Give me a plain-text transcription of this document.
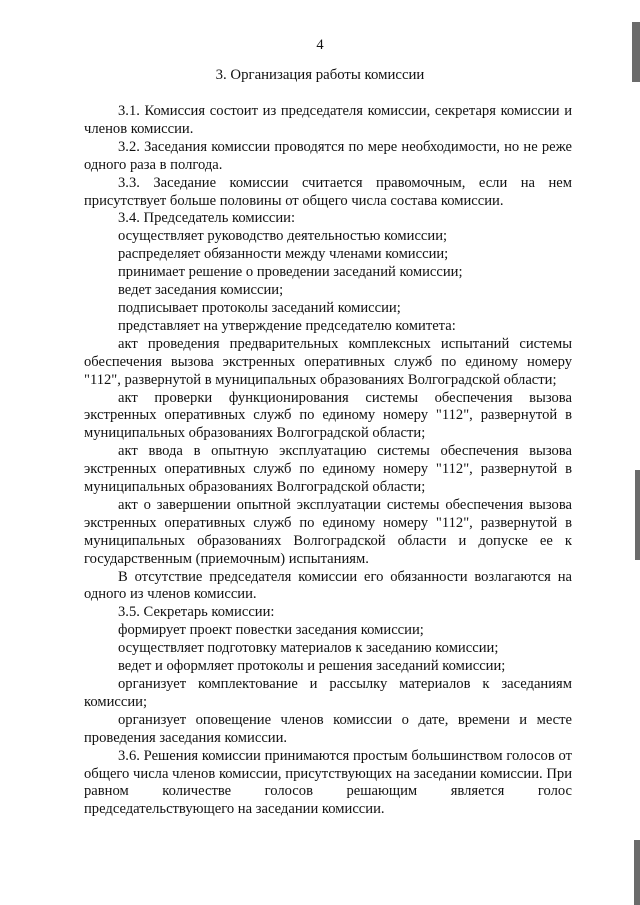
4
3. Организация работы комиссии

3.1. Комиссия состоит из председателя комиссии, секретаря комиссии и членов комиссии.

3.2. Заседания комиссии проводятся по мере необходимости, но не реже одного раза в полгода.

3.3. Заседание комиссии считается правомочным, если на нем присутствует больше половины от общего числа состава комиссии.

3.4. Председатель комиссии:

осуществляет руководство деятельностью комиссии;

распределяет обязанности между членами комиссии;

принимает решение о проведении заседаний комиссии;

ведет заседания комиссии;

подписывает протоколы заседаний комиссии;

представляет на утверждение председателю комитета:

акт проведения предварительных комплексных испытаний системы обеспечения вызова экстренных оперативных служб по единому номеру "112", развернутой в муниципальных образованиях Волгоградской области;

акт проверки функционирования системы обеспечения вызова экстренных оперативных служб по единому номеру "112", развернутой в муниципальных образованиях Волгоградской области;

акт ввода в опытную эксплуатацию системы обеспечения вызова экстренных оперативных служб по единому номеру "112", развернутой в муниципальных образованиях Волгоградской области;

акт о завершении опытной эксплуатации системы обеспечения вызова экстренных оперативных служб по единому номеру "112", развернутой в муниципальных образованиях Волгоградской области и допуске ее к государственным (приемочным) испытаниям.

В отсутствие председателя комиссии его обязанности возлагаются на одного из членов комиссии.

3.5. Секретарь комиссии:

формирует проект повестки заседания комиссии;

осуществляет подготовку материалов к заседанию комиссии;

ведет и оформляет протоколы и решения заседаний комиссии;

организует комплектование и рассылку материалов к заседаниям комиссии;

организует оповещение членов комиссии о дате, времени и месте проведения заседания комиссии.

3.6. Решения комиссии принимаются простым большинством голосов от общего числа членов комиссии, присутствующих на заседании комиссии. При равном количестве голосов решающим является голос председательствующего на заседании комиссии.
